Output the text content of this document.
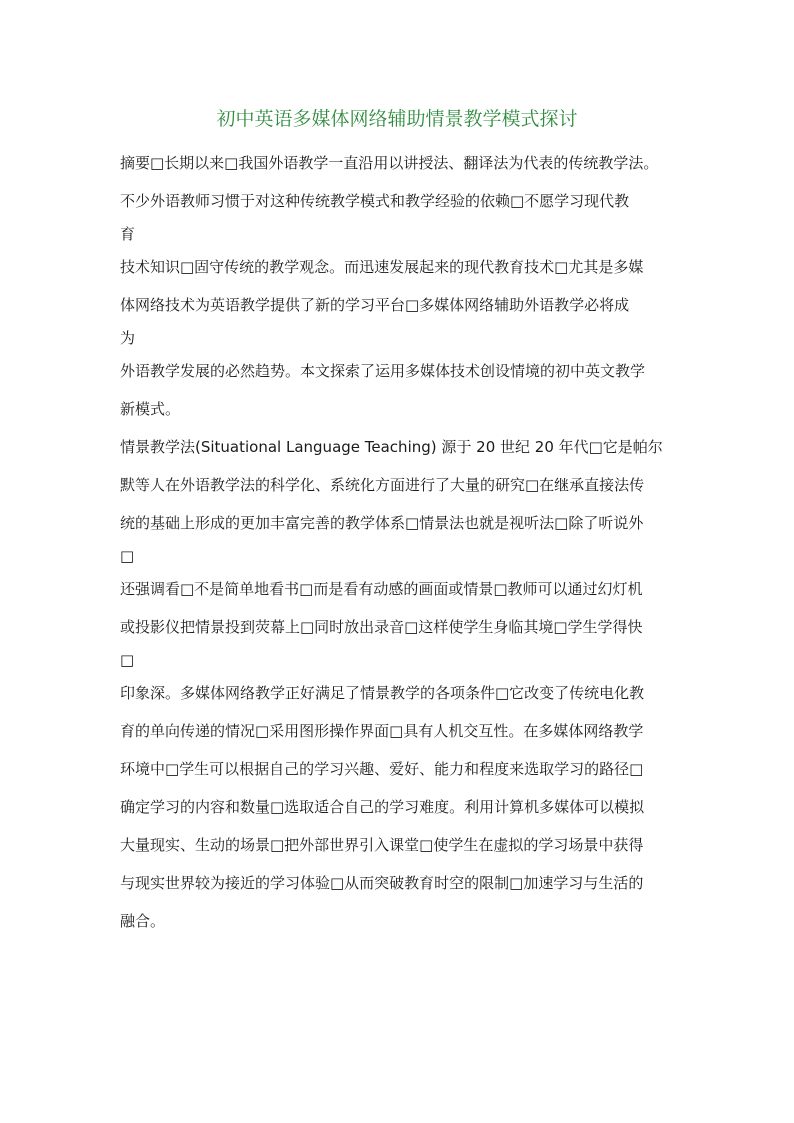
初中英语多媒体网络辅助情景教学模式探讨
摘要□长期以来□我国外语教学一直沿用以讲授法、翻译法为代表的传统教学法。
不少外语教师习惯于对这种传统教学模式和教学经验的依赖□不愿学习现代教
育
技术知识□固守传统的教学观念。而迅速发展起来的现代教育技术□尤其是多媒
体网络技术为英语教学提供了新的学习平台□多媒体网络辅助外语教学必将成
为
外语教学发展的必然趋势。本文探索了运用多媒体技术创设情境的初中英文教学
新模式。
情景教学法(Situational Language Teaching) 源于 20 世纪 20 年代□它是帕尔
默等人在外语教学法的科学化、系统化方面进行了大量的研究□在继承直接法传
统的基础上形成的更加丰富完善的教学体系□情景法也就是视听法□除了听说外
□
还强调看□不是简单地看书□而是看有动感的画面或情景□教师可以通过幻灯机
或投影仪把情景投到荧幕上□同时放出录音□这样使学生身临其境□学生学得快
□
印象深。多媒体网络教学正好满足了情景教学的各项条件□它改变了传统电化教
育的单向传递的情况□采用图形操作界面□具有人机交互性。在多媒体网络教学
环境中□学生可以根据自己的学习兴趣、爱好、能力和程度来选取学习的路径□
确定学习的内容和数量□选取适合自己的学习难度。利用计算机多媒体可以模拟
大量现实、生动的场景□把外部世界引入课堂□使学生在虚拟的学习场景中获得
与现实世界较为接近的学习体验□从而突破教育时空的限制□加速学习与生活的
融合。
